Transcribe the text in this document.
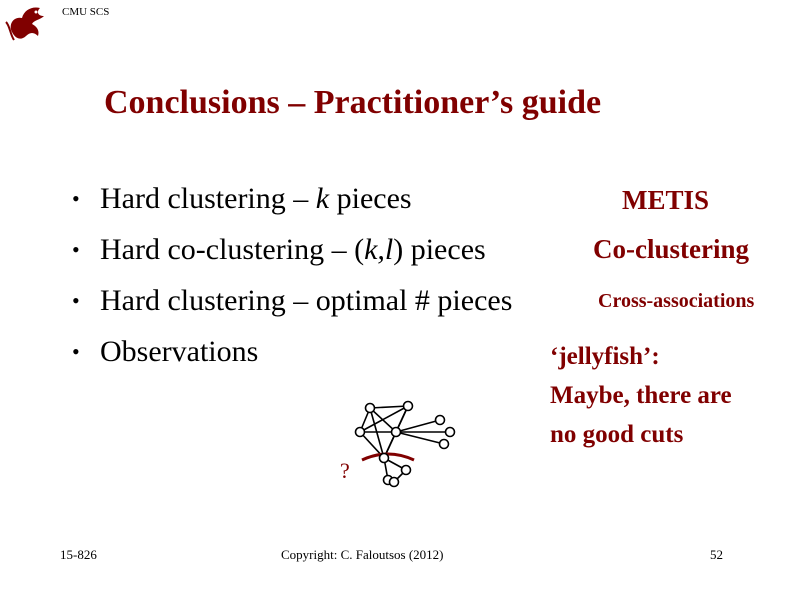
CMU SCS
Conclusions – Practitioner’s guide
• Hard clustering – k pieces
• Hard co-clustering – (k,l) pieces
• Hard clustering – optimal # pieces
• Observations
METIS
Co-clustering
Cross-associations
‘jellyfish’:
Maybe, there are
no good cuts
?
15-826	Copyright: C. Faloutsos (2012)	52
